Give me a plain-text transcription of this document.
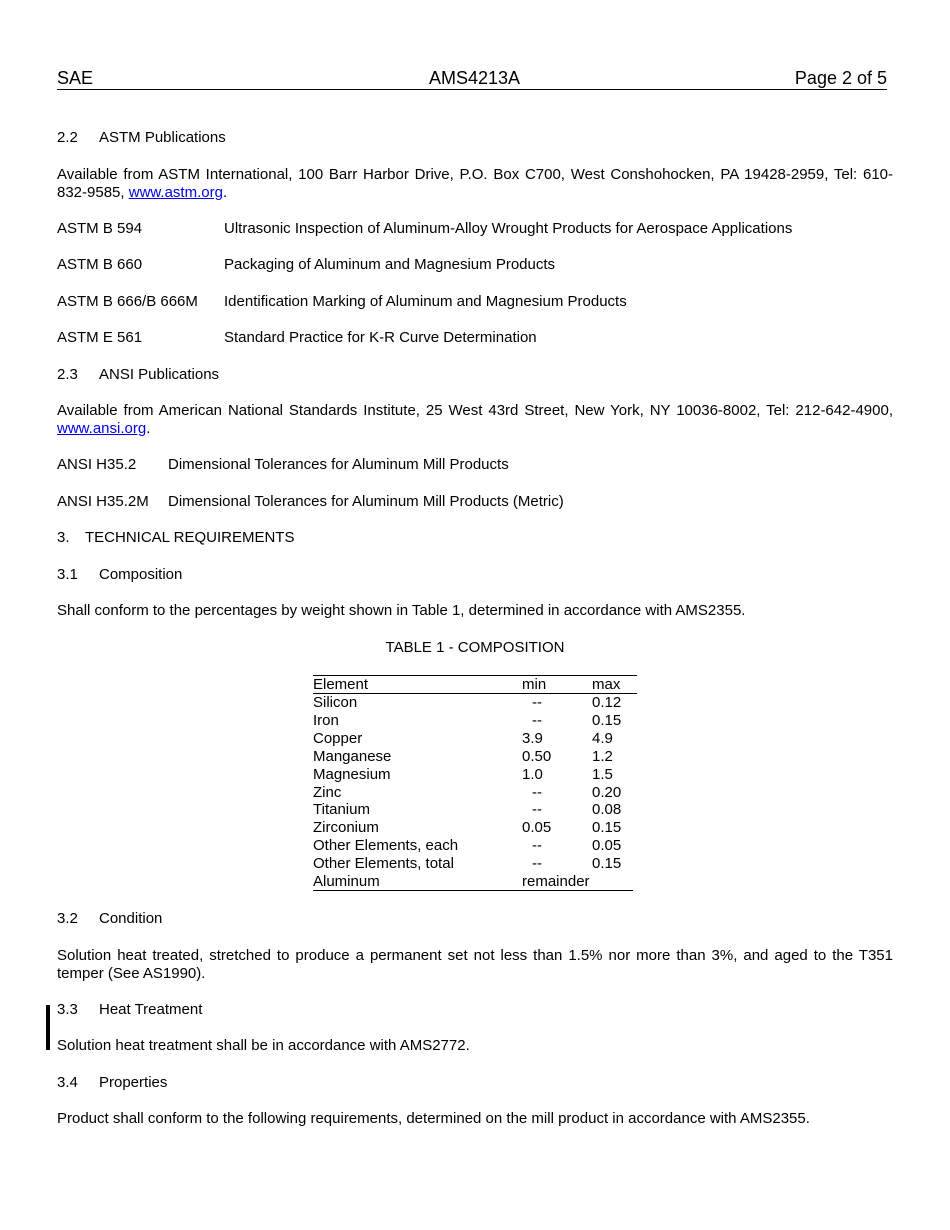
SAE	AMS4213A	Page 2 of 5
2.2 ASTM Publications
Available from ASTM International, 100 Barr Harbor Drive, P.O. Box C700, West Conshohocken, PA 19428-2959, Tel: 610-832-9585, www.astm.org.
ASTM B 594	Ultrasonic Inspection of Aluminum-Alloy Wrought Products for Aerospace Applications
ASTM B 660	Packaging of Aluminum and Magnesium Products
ASTM B 666/B 666M Identification Marking of Aluminum and Magnesium Products
ASTM E 561	Standard Practice for K-R Curve Determination
2.3 ANSI Publications
Available from American National Standards Institute, 25 West 43rd Street, New York, NY 10036-8002, Tel: 212-642-4900, www.ansi.org.
ANSI H35.2 Dimensional Tolerances for Aluminum Mill Products
ANSI H35.2M Dimensional Tolerances for Aluminum Mill Products (Metric)
3. TECHNICAL REQUIREMENTS
3.1 Composition
Shall conform to the percentages by weight shown in Table 1, determined in accordance with AMS2355.
TABLE 1 - COMPOSITION
Element	min	max
Silicon	--	0.12
Iron	--	0.15
Copper	3.9	4.9
Manganese	0.50	1.2
Magnesium	1.0	1.5
Zinc	--	0.20
Titanium	--	0.08
Zirconium	0.05	0.15
Other Elements, each	--	0.05
Other Elements, total	--	0.15
Aluminum	remainder
3.2 Condition
Solution heat treated, stretched to produce a permanent set not less than 1.5% nor more than 3%, and aged to the T351 temper (See AS1990).
3.3 Heat Treatment
Solution heat treatment shall be in accordance with AMS2772.
3.4 Properties
Product shall conform to the following requirements, determined on the mill product in accordance with AMS2355.
